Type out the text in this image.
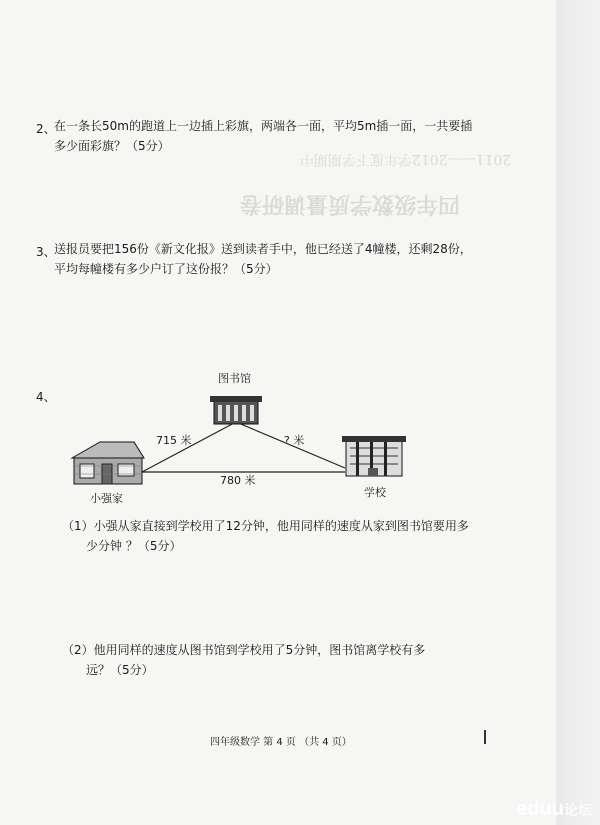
2011——2012学年度下学期期中
四年级数学质量调研卷
2、

在一条长50m的跑道上一边插上彩旗，两端各一面，平均5m插一面，一共要插

多少面彩旗？（5分）

3、

送报员要把156份《新文化报》送到读者手中，他已经送了4幢楼，还剩28份，

平均每幢楼有多少户订了这份报？（5分）

4、
图书馆
715 米	? 米
780 米
小强家	学校

（1）小强从家直接到学校用了12分钟，他用同样的速度从家到图书馆要用多

少分钟 ？（5分）

（2）他用同样的速度从图书馆到学校用了5分钟，图书馆离学校有多

远？（5分）

四年级数学 第 4 页 （共 4 页）
eduu论坛
